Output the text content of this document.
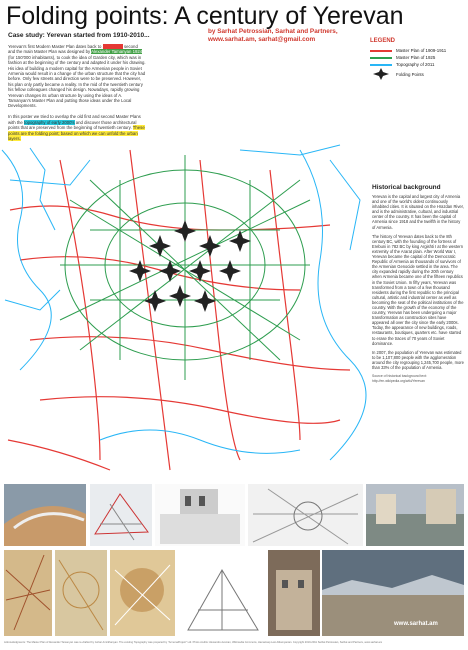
Folding points: A century of Yerevan
Case study: Yerevan started from 1910-2010...
by Sarhat Petrossian, Sarhat and Partners,
www.sarhat.am, sarhat@gmail.com
Yerevan's first Modern Master Plan dates back to 1909-1911 second and the main Master Plan was designed by Alexander Tamanyan 1924 (for 150'000 inhabitants), to cook the idea of Garden city, which was in fashion at the beginning of the century and adapted it under his drawing. His idea of building a modern capital for the Armenian people in Soviet Armenia would result in a change of the urban structure that the city had before. Only few streets and direction were to be preserved. However, his plan only partly became a reality. In the mid of the twentieth century his fellow colleagues changed his design. Nowadays, rapidly growing Yerevan changes its urban structure by using the ideas of A. Tamanyan's Master Plan and putting those ideas under the Local Developments.

In this poster we tried to overlap the old first and second Master Plans with the topography of early 2000's and discover those architectural points that are preserved from the beginning of twentieth century. These points are the folding point; based on which we can unfold the urban layers.
LEGEND
Master Plan of 1909-1911
Master Plan of 1925
Topography of 2011
Folding Points
Historical background

Yerevan is the capital and largest city of Armenia and one of the world's oldest continuously inhabited cities. It is situated on the Hrazdan River, and is the administrative, cultural, and industrial center of the country. It has been the capital of Armenia since 1918 and the twelfth in the history of Armenia.

The history of Yerevan dates back to the 8th century BC, with the founding of the fortress of Erebuni in 782 BC by king Argishti I at the western extremity of the Ararat plain. After World War I, Yerevan became the capital of the Democratic Republic of Armenia as thousands of survivors of the Armenian Genocide settled in the area. The city expanded rapidly during the 20th century when Armenia became one of the fifteen republics in the Soviet Union. In fifty years, Yerevan was transformed from a town of a few thousand residents during the first republic to the principal cultural, artistic and industrial center as well as becoming the seat of the political institutions of the country. With the growth of the economy of the country, Yerevan has been undergoing a major transformation as construction sites have appeared all over the city since the early 2000s. Today, the appearance of new buildings, roads, restaurants, boutiques, quarters etc. have started to erase the traces of 70 years of Soviet dominance.

In 2007, the population of Yerevan was estimated to be 1,107,800 people with the agglomeration around the city regrouping 1,245,700 people, more than 33% of the population of Armenia.

Source of historical background text: http://en.wikipedia.org/wiki/Yerevan

www.sarhat.am
Acknowledgments: The Master Plan of Alexander Tamanyan was re-drafted by Gohar Amirkhanyan. The existing Topography was prepared by "ArmenaProject" Ltd. Photo credits: Alexandre Avenian, Wikimedia Commons, Hamazasp Lesi Aldamyanian. Copyright 2010-2011 Sarhat Petrossian, Sarhat and Partners, www.sarhat.am
